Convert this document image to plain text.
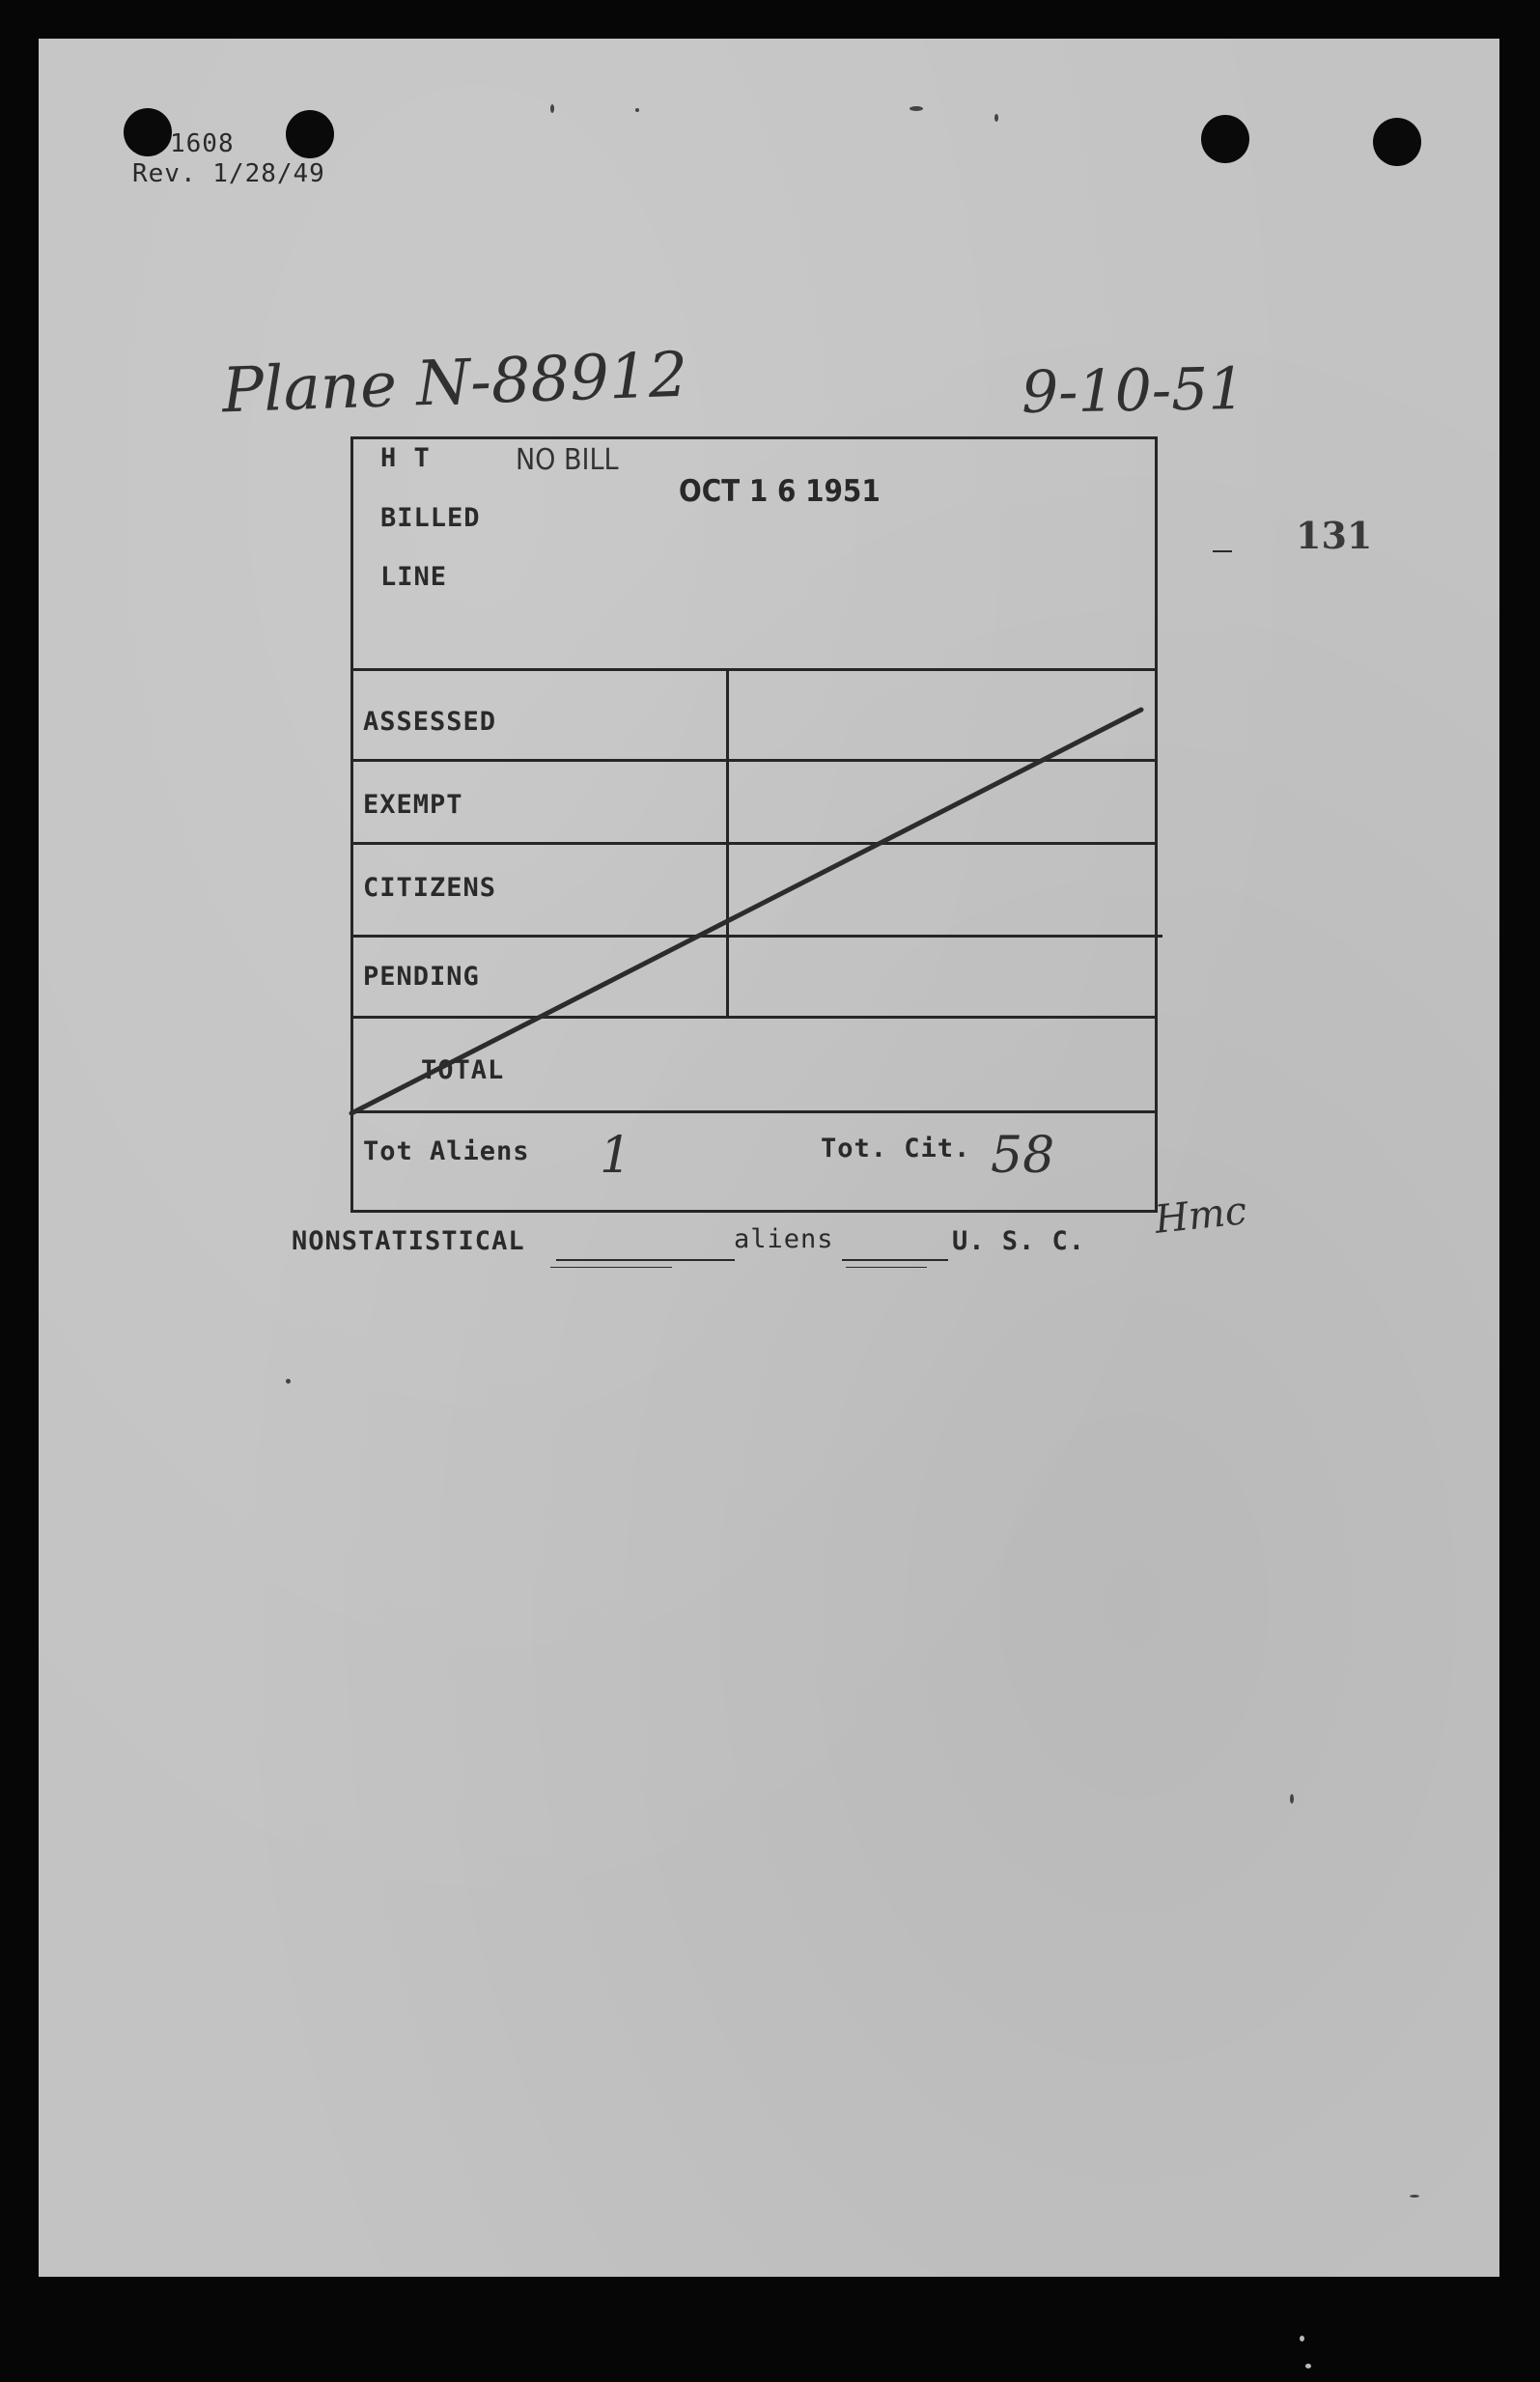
1608
Rev. 1/28/49
Plane N-88912	9-10-51
131
H T
BILLED
LINE
NO BILL
OCT 1 6 1951
ASSESSED
EXEMPT
CITIZENS
PENDING
TOTAL
Tot Aliens 1	Tot. Cit. 58
Hmc
NONSTATISTICAL	aliens	U. S. C.
